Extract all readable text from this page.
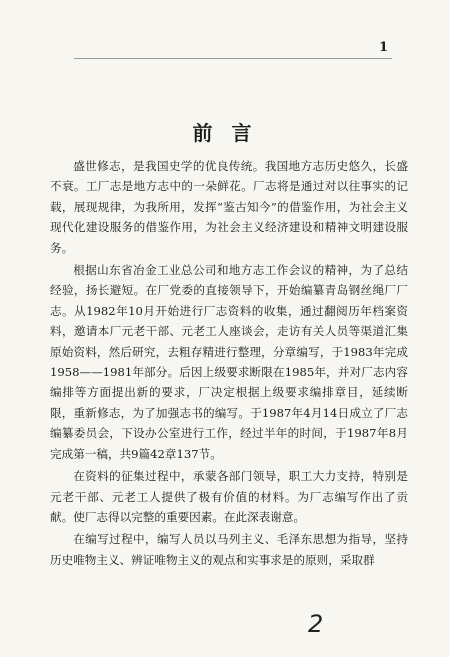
1
前 言

盛世修志，是我国史学的优良传统。我国地方志历史悠久，长盛不衰。工厂志是地方志中的一朵鲜花。厂志将是通过对以往事实的记载，展现规律，为我所用，发挥“鉴古知今”的借鉴作用，为社会主义现代化建设服务的借鉴作用，为社会主义经济建设和精神文明建设服务。

根据山东省冶金工业总公司和地方志工作会议的精神，为了总结经验，扬长避短。在厂党委的直接领导下，开始编纂青岛钢丝绳厂厂志。从1982年10月开始进行厂志资料的收集，通过翻阅历年档案资料，邀请本厂元老干部、元老工人座谈会，走访有关人员等渠道汇集原始资料，然后研究，去粗存精进行整理，分章编写，于1983年完成1958——1981年部分。后因上级要求断限在1985年，并对厂志内容编排等方面提出新的要求，厂决定根据上级要求编排章目，延续断限，重新修志，为了加强志书的编写。于1987年4月14日成立了厂志编纂委员会，下设办公室进行工作，经过半年的时间，于1987年8月完成第一稿，共9篇42章137节。

在资料的征集过程中，承蒙各部门领导，职工大力支持，特别是元老干部、元老工人提供了极有价值的材料。为厂志编写作出了贡献。使厂志得以完整的重要因素。在此深表谢意。

在编写过程中，编写人员以马列主义、毛泽东思想为指导，坚持历史唯物主义、辨证唯物主义的观点和实事求是的原则，采取群

2
